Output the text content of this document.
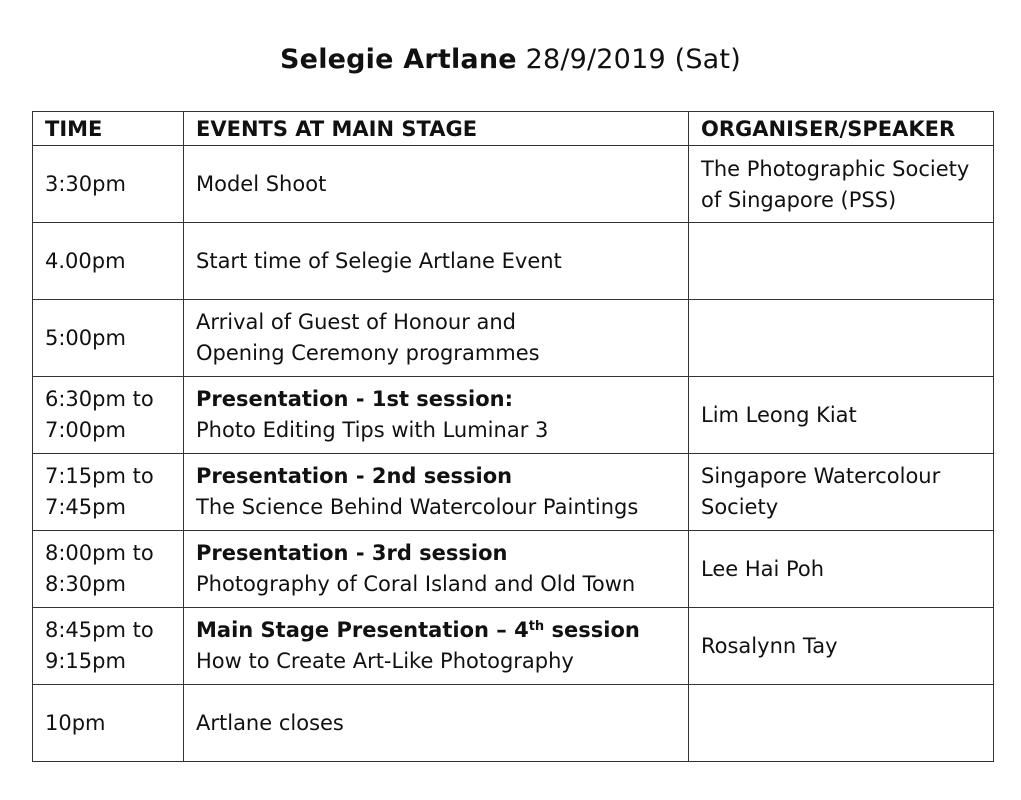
Selegie Artlane 28/9/2019 (Sat)
TIME	EVENTS AT MAIN STAGE	ORGANISER/SPEAKER

3:30pm	Model Shoot	The Photographic Society
of Singapore (PSS)

4.00pm	Start time of Selegie Artlane Event	

5:00pm	Arrival of Guest of Honour and
Opening Ceremony programmes	

6:30pm to
7:00pm	Presentation - 1st session:
Photo Editing Tips with Luminar 3	Lim Leong Kiat

7:15pm to
7:45pm	Presentation - 2nd session
The Science Behind Watercolour Paintings	Singapore Watercolour
Society

8:00pm to
8:30pm	Presentation - 3rd session
Photography of Coral Island and Old Town	Lee Hai Poh

8:45pm to
9:15pm	Main Stage Presentation – 4th session
How to Create Art-Like Photography	Rosalynn Tay

10pm	Artlane closes	
